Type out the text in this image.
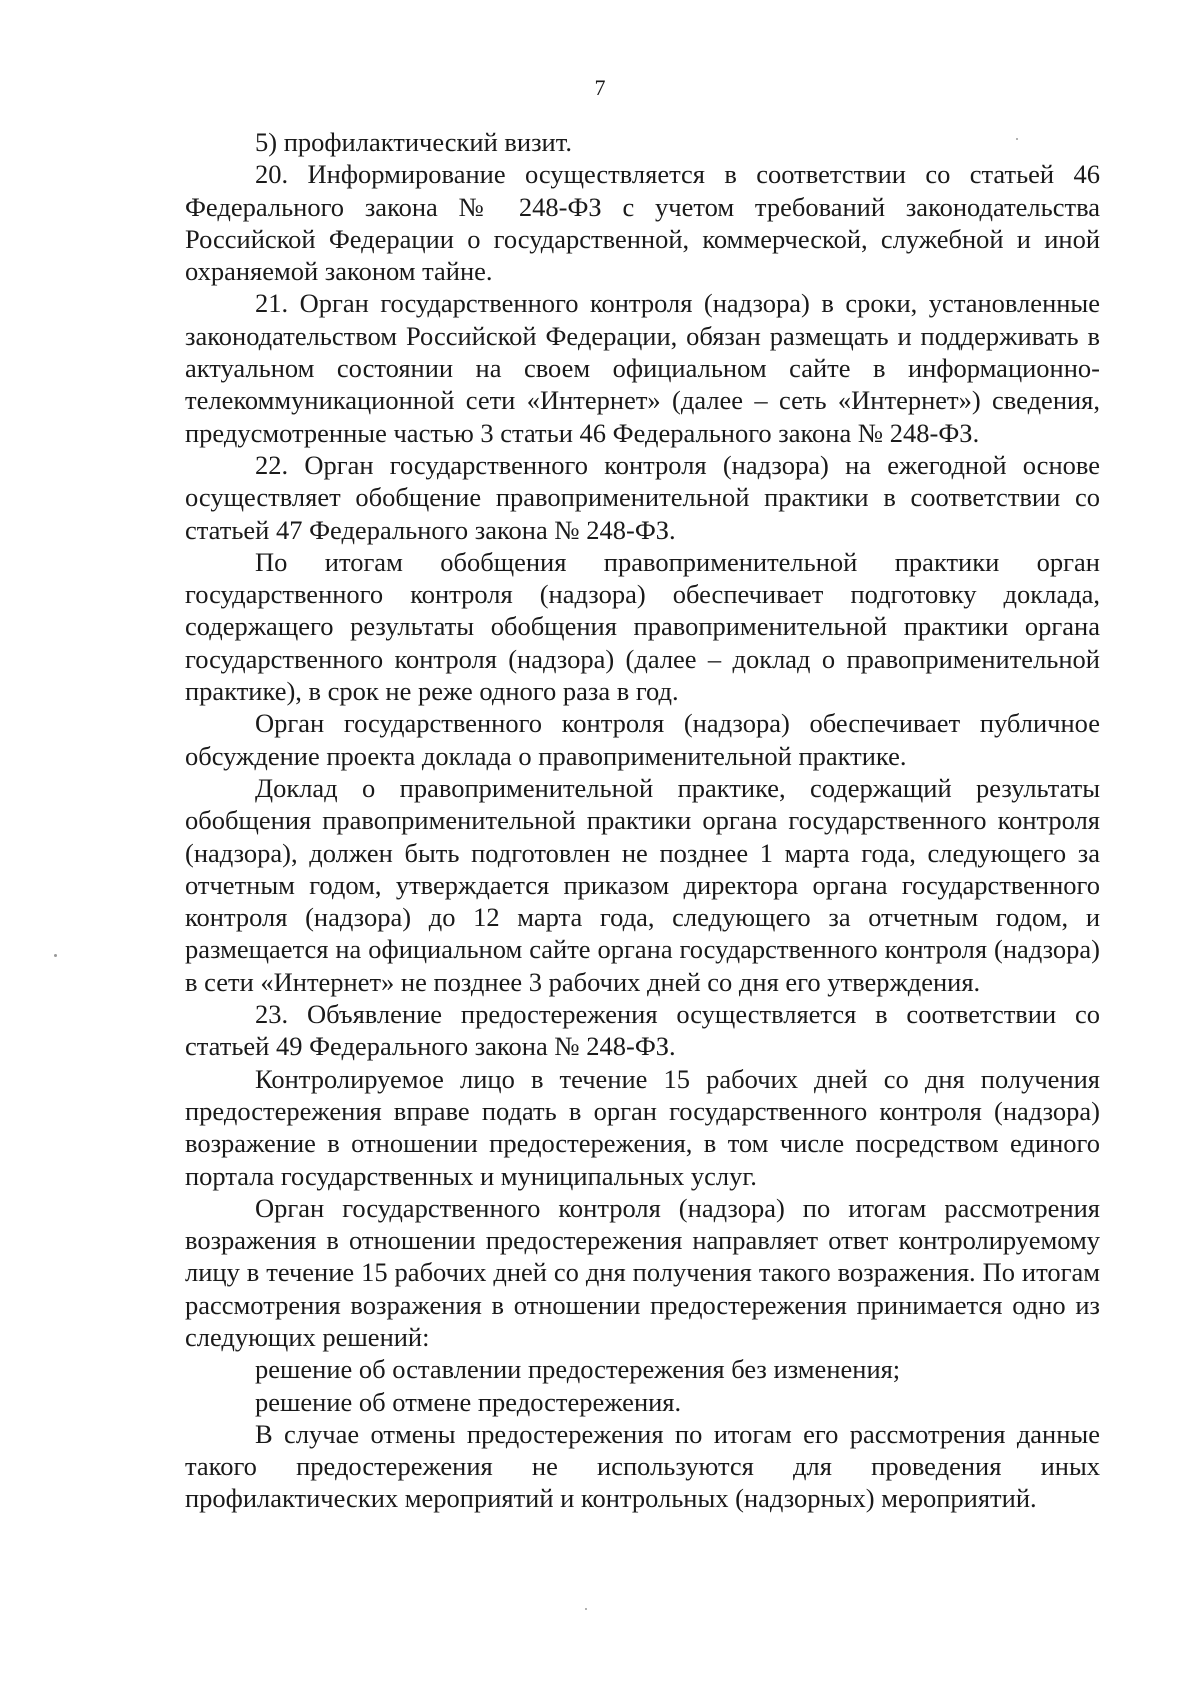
7

5) профилактический визит.

20. Информирование осуществляется в соответствии со статьей 46 Федерального закона № 248-ФЗ с учетом требований законодательства Российской Федерации о государственной, коммерческой, служебной и иной охраняемой законом тайне.

21. Орган государственного контроля (надзора) в сроки, установленные законодательством Российской Федерации, обязан размещать и поддерживать в актуальном состоянии на своем официальном сайте в информационно-телекоммуникационной сети «Интернет» (далее – сеть «Интернет») сведения, предусмотренные частью 3 статьи 46 Федерального закона № 248-ФЗ.

22. Орган государственного контроля (надзора) на ежегодной основе осуществляет обобщение правоприменительной практики в соответствии со статьей 47 Федерального закона № 248-ФЗ.

По итогам обобщения правоприменительной практики орган государственного контроля (надзора) обеспечивает подготовку доклада, содержащего результаты обобщения правоприменительной практики органа государственного контроля (надзора) (далее – доклад о правоприменительной практике), в срок не реже одного раза в год.

Орган государственного контроля (надзора) обеспечивает публичное обсуждение проекта доклада о правоприменительной практике.

Доклад о правоприменительной практике, содержащий результаты обобщения правоприменительной практики органа государственного контроля (надзора), должен быть подготовлен не позднее 1 марта года, следующего за отчетным годом, утверждается приказом директора органа государственного контроля (надзора) до 12 марта года, следующего за отчетным годом, и размещается на официальном сайте органа государственного контроля (надзора) в сети «Интернет» не позднее 3 рабочих дней со дня его утверждения.

23. Объявление предостережения осуществляется в соответствии со статьей 49 Федерального закона № 248-ФЗ.

Контролируемое лицо в течение 15 рабочих дней со дня получения предостережения вправе подать в орган государственного контроля (надзора) возражение в отношении предостережения, в том числе посредством единого портала государственных и муниципальных услуг.

Орган государственного контроля (надзора) по итогам рассмотрения возражения в отношении предостережения направляет ответ контролируемому лицу в течение 15 рабочих дней со дня получения такого возражения. По итогам рассмотрения возражения в отношении предостережения принимается одно из следующих решений:

решение об оставлении предостережения без изменения;

решение об отмене предостережения.

В случае отмены предостережения по итогам его рассмотрения данные такого предостережения не используются для проведения иных профилактических мероприятий и контрольных (надзорных) мероприятий.
